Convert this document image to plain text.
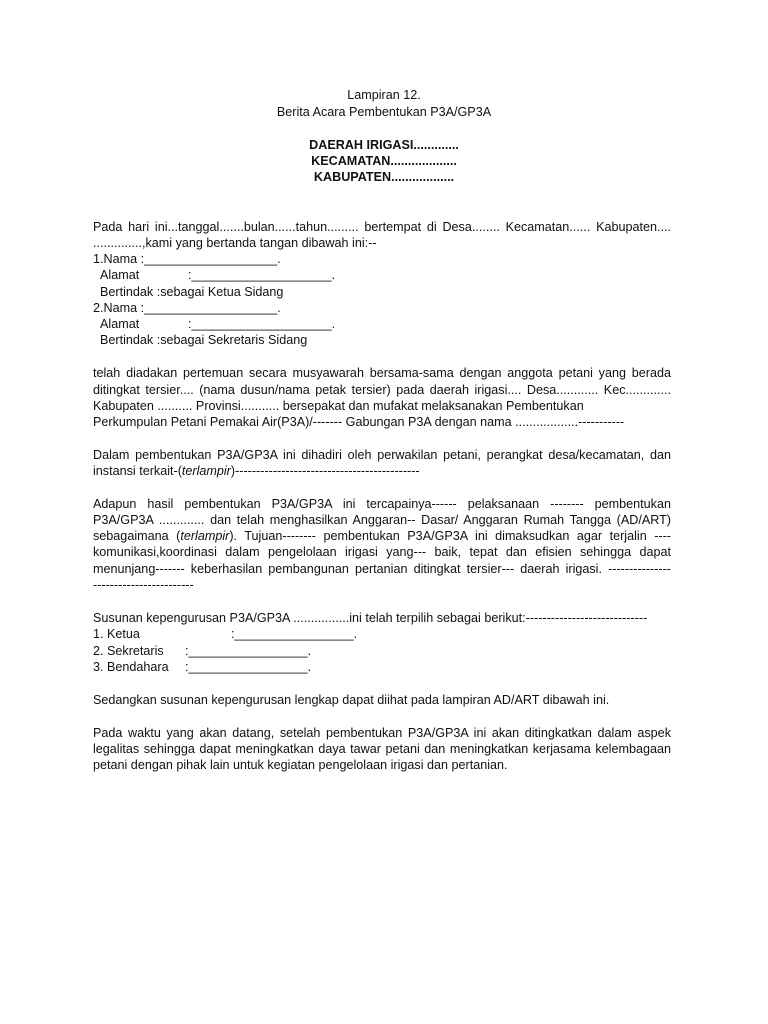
Lampiran 12.
Berita Acara Pembentukan P3A/GP3A
DAERAH IRIGASI.............
KECAMATAN...................
KABUPATEN..................
Pada hari ini...tanggal.......bulan......tahun......... bertempat di Desa........ Kecamatan...... Kabupaten....
..............,kami yang bertanda tangan dibawah ini:--
1.Nama :___________________.
Alamat	:____________________.
Bertindak :sebagai Ketua Sidang
2.Nama :___________________.
Alamat	:____________________.
Bertindak :sebagai Sekretaris Sidang
telah diadakan pertemuan secara musyawarah bersama-sama dengan anggota petani yang berada
ditingkat tersier.... (nama dusun/nama petak tersier) pada daerah irigasi.... Desa............ Kec.............
Kabupaten .......... Provinsi........... bersepakat dan mufakat melaksanakan Pembentukan
Perkumpulan Petani Pemakai Air(P3A)/------- Gabungan P3A dengan nama ..................-----------
Dalam pembentukan P3A/GP3A ini dihadiri oleh perwakilan petani, perangkat desa/kecamatan, dan
instansi terkait-(terlampir)--------------------------------------------
Adapun hasil pembentukan P3A/GP3A ini tercapainya------ pelaksanaan -------- pembentukan
P3A/GP3A ............. dan telah menghasilkan Anggaran-- Dasar/ Anggaran Rumah Tangga (AD/ART)
sebagaimana (terlampir). Tujuan-------- pembentukan P3A/GP3A ini dimaksudkan agar terjalin ----
komunikasi,koordinasi dalam pengelolaan irigasi yang--- baik, tepat dan efisien sehingga dapat
menunjang------- keberhasilan pembangunan pertanian ditingkat tersier--- daerah irigasi. ---------------
------------------------
Susunan kepengurusan P3A/GP3A ................ini telah terpilih sebagai berikut:-----------------------------
1. Ketua	:_________________.
2. Sekretaris :_________________.
3. Bendahara :_________________.
Sedangkan susunan kepengurusan lengkap dapat diihat pada lampiran AD/ART dibawah ini.
Pada waktu yang akan datang, setelah pembentukan P3A/GP3A ini akan ditingkatkan dalam aspek
legalitas sehingga dapat meningkatkan daya tawar petani dan meningkatkan kerjasama kelembagaan
petani dengan pihak lain untuk kegiatan pengelolaan irigasi dan pertanian.
